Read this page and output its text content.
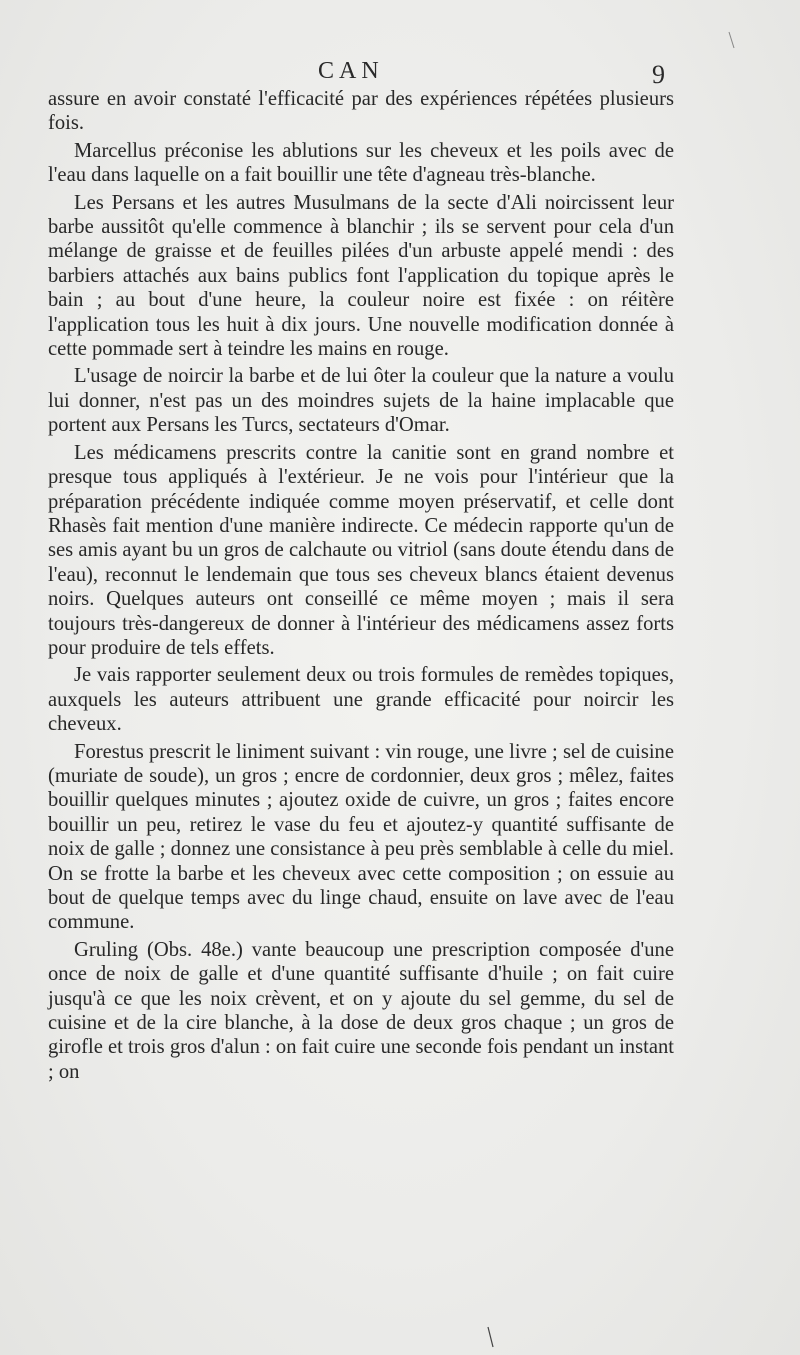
CAN	9

assure en avoir constaté l'efficacité par des expériences répétées plusieurs fois.

Marcellus préconise les ablutions sur les cheveux et les poils avec de l'eau dans laquelle on a fait bouillir une tête d'agneau très-blanche.

Les Persans et les autres Musulmans de la secte d'Ali noircissent leur barbe aussitôt qu'elle commence à blanchir ; ils se servent pour cela d'un mélange de graisse et de feuilles pilées d'un arbuste appelé mendi : des barbiers attachés aux bains publics font l'application du topique après le bain ; au bout d'une heure, la couleur noire est fixée : on réitère l'application tous les huit à dix jours. Une nouvelle modification donnée à cette pommade sert à teindre les mains en rouge.

L'usage de noircir la barbe et de lui ôter la couleur que la nature a voulu lui donner, n'est pas un des moindres sujets de la haine implacable que portent aux Persans les Turcs, sectateurs d'Omar.

Les médicamens prescrits contre la canitie sont en grand nombre et presque tous appliqués à l'extérieur. Je ne vois pour l'intérieur que la préparation précédente indiquée comme moyen préservatif, et celle dont Rhasès fait mention d'une manière indirecte. Ce médecin rapporte qu'un de ses amis ayant bu un gros de calchaute ou vitriol (sans doute étendu dans de l'eau), reconnut le lendemain que tous ses cheveux blancs étaient devenus noirs. Quelques auteurs ont conseillé ce même moyen ; mais il sera toujours très-dangereux de donner à l'intérieur des médicamens assez forts pour produire de tels effets.

Je vais rapporter seulement deux ou trois formules de remèdes topiques, auxquels les auteurs attribuent une grande efficacité pour noircir les cheveux.

Forestus prescrit le liniment suivant : vin rouge, une livre ; sel de cuisine (muriate de soude), un gros ; encre de cordonnier, deux gros ; mêlez, faites bouillir quelques minutes ; ajoutez oxide de cuivre, un gros ; faites encore bouillir un peu, retirez le vase du feu et ajoutez-y quantité suffisante de noix de galle ; donnez une consistance à peu près semblable à celle du miel. On se frotte la barbe et les cheveux avec cette composition ; on essuie au bout de quelque temps avec du linge chaud, ensuite on lave avec de l'eau commune.

Gruling (Obs. 48e.) vante beaucoup une prescription composée d'une once de noix de galle et d'une quantité suffisante d'huile ; on fait cuire jusqu'à ce que les noix crèvent, et on y ajoute du sel gemme, du sel de cuisine et de la cire blanche, à la dose de deux gros chaque ; un gros de girofle et trois gros d'alun : on fait cuire une seconde fois pendant un instant ; on
